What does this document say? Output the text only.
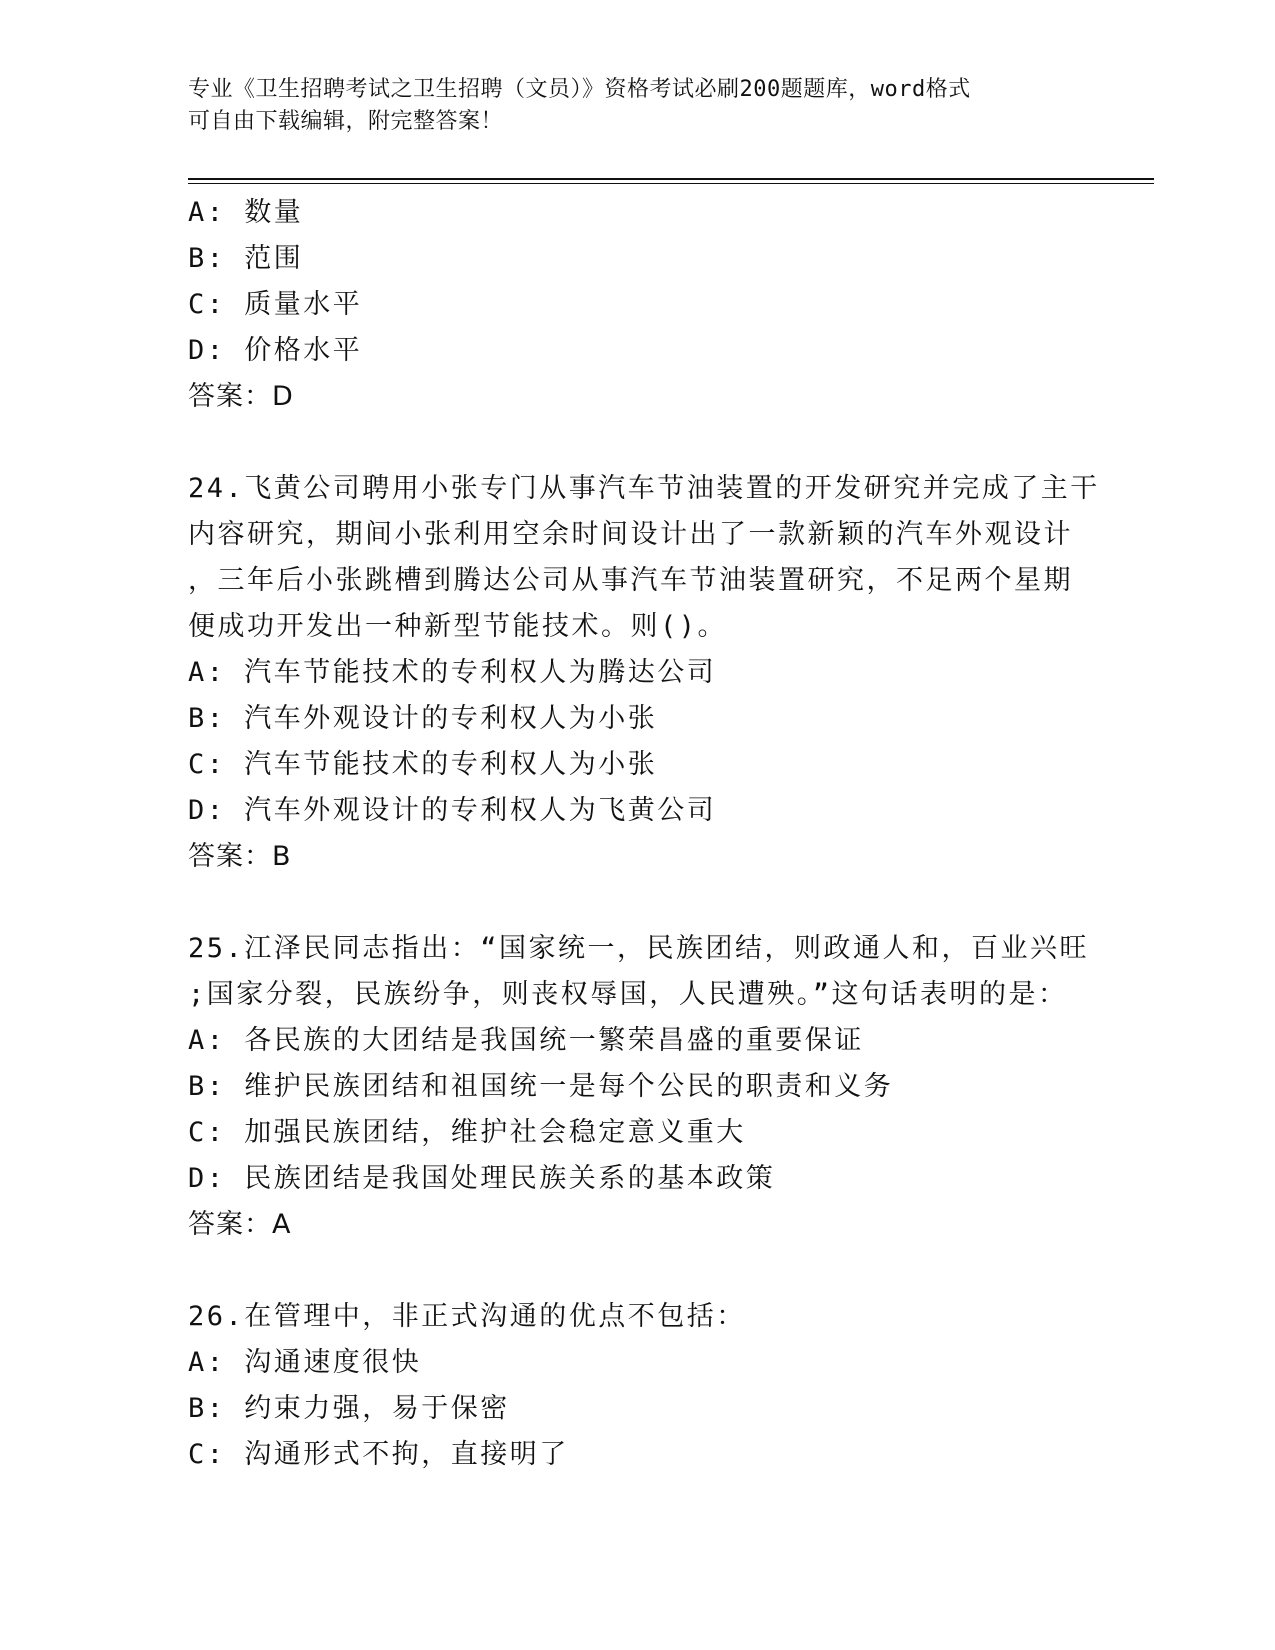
专业《卫生招聘考试之卫生招聘（文员）》资格考试必刷200题题库，word格式
可自由下载编辑，附完整答案！
A: 数量
B: 范围
C: 质量水平
D: 价格水平
答案：D
24.飞黄公司聘用小张专门从事汽车节油装置的开发研究并完成了主干
内容研究，期间小张利用空余时间设计出了一款新颖的汽车外观设计
，三年后小张跳槽到腾达公司从事汽车节油装置研究，不足两个星期
便成功开发出一种新型节能技术。则()。
A: 汽车节能技术的专利权人为腾达公司
B: 汽车外观设计的专利权人为小张
C: 汽车节能技术的专利权人为小张
D: 汽车外观设计的专利权人为飞黄公司
答案：B
25.江泽民同志指出：“国家统一，民族团结，则政通人和，百业兴旺
;国家分裂，民族纷争，则丧权辱国，人民遭殃。”这句话表明的是：
A: 各民族的大团结是我国统一繁荣昌盛的重要保证
B: 维护民族团结和祖国统一是每个公民的职责和义务
C: 加强民族团结，维护社会稳定意义重大
D: 民族团结是我国处理民族关系的基本政策
答案：A
26.在管理中，非正式沟通的优点不包括：
A: 沟通速度很快
B: 约束力强，易于保密
C: 沟通形式不拘，直接明了
